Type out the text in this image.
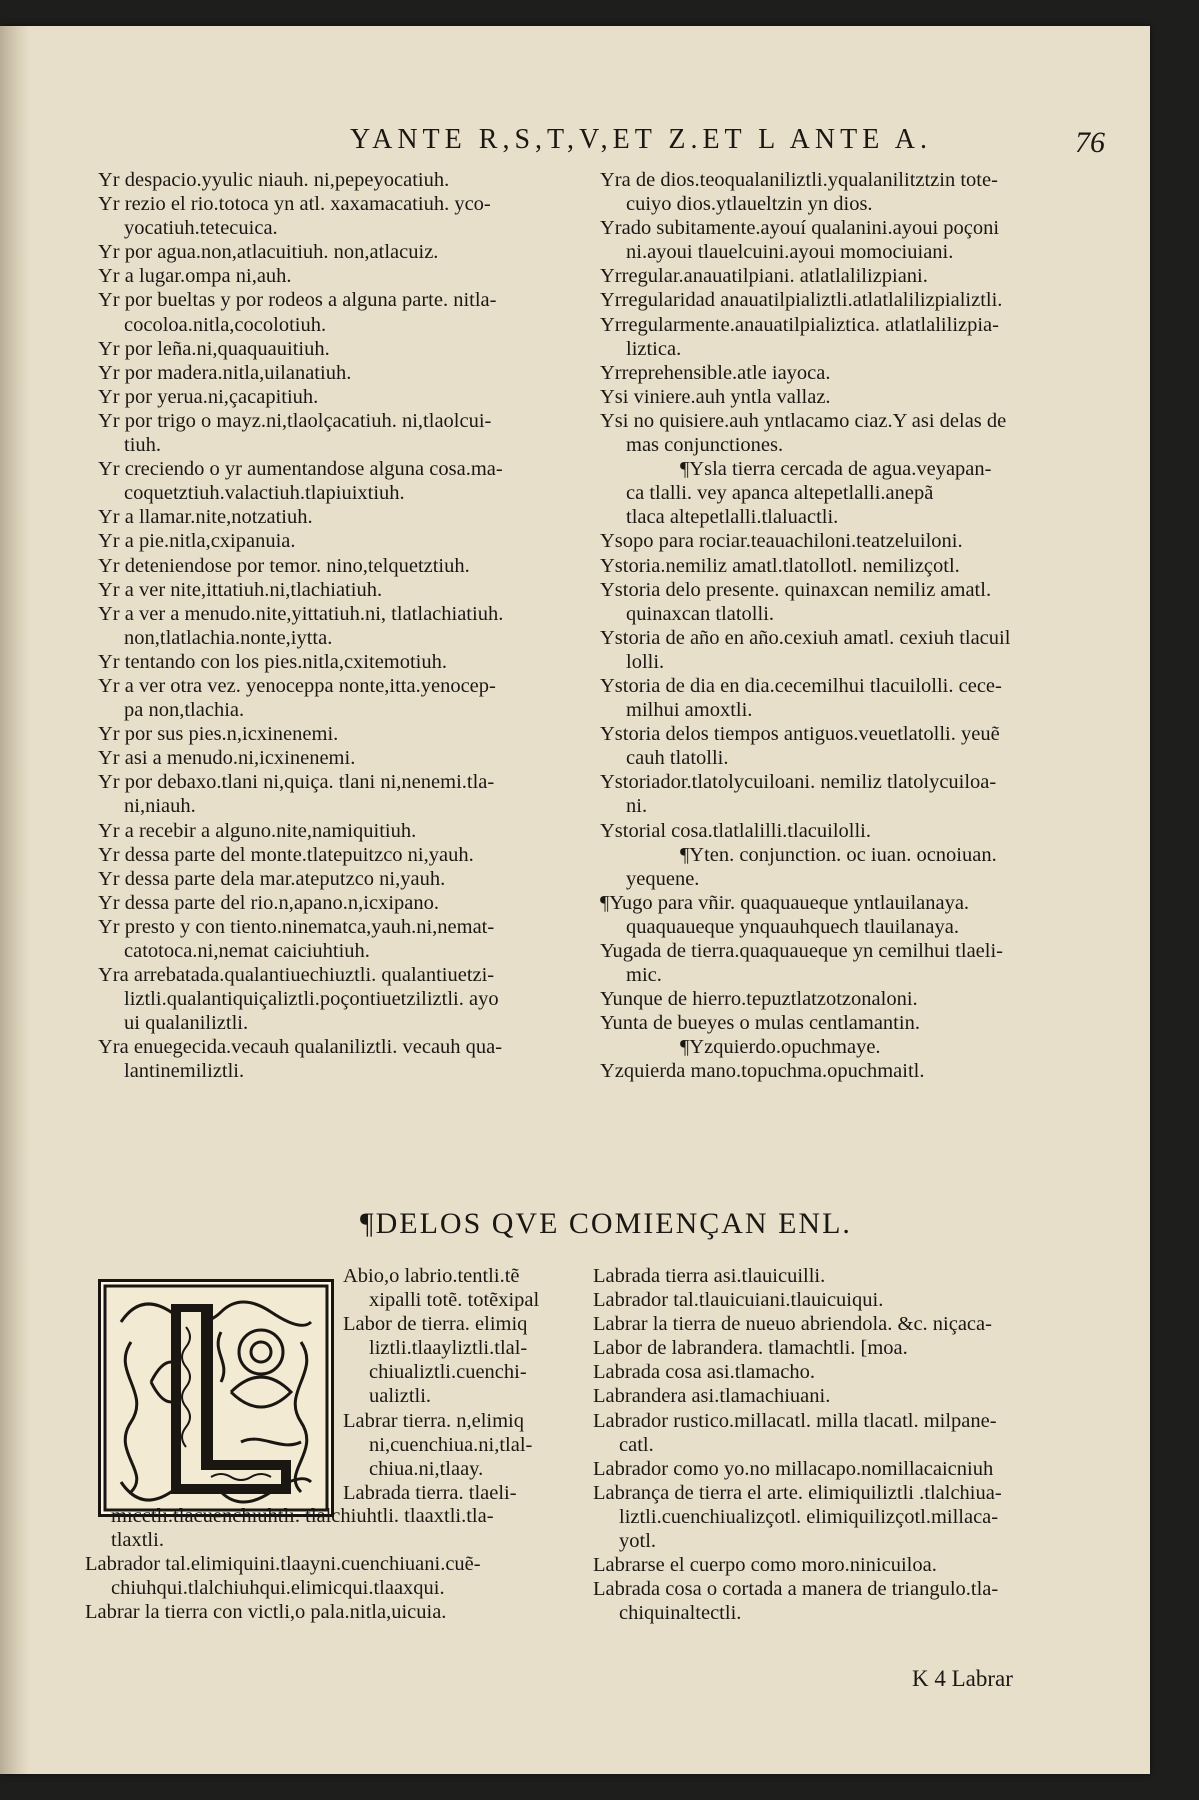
YANTE R,S,T,V,ET Z.ET L ANTE A.	76
Yr despacio.yyulic niauh. ni,pepeyocatiuh.
Yr rezio el rio.totoca yn atl. xaxamacatiuh. yco-
yocatiuh.tetecuica.
Yr por agua.non,atlacuitiuh. non,atlacuiz.
Yr a lugar.ompa ni,auh.
Yr por bueltas y por rodeos a alguna parte. nitla-
cocoloa.nitla,cocolotiuh.
Yr por leña.ni,quaquauitiuh.
Yr por madera.nitla,uilanatiuh.
Yr por yerua.ni,çacapitiuh.
Yr por trigo o mayz.ni,tlaolçacatiuh. ni,tlaolcui-
tiuh.
Yr creciendo o yr aumentandose alguna cosa.ma-
coquetztiuh.valactiuh.tlapiuixtiuh.
Yr a llamar.nite,notzatiuh.
Yr a pie.nitla,cxipanuia.
Yr deteniendose por temor. nino,telquetztiuh.
Yr a ver nite,ittatiuh.ni,tlachiatiuh.
Yr a ver a menudo.nite,yittatiuh.ni, tlatlachiatiuh.
non,tlatlachia.nonte,iytta.
Yr tentando con los pies.nitla,cxitemotiuh.
Yr a ver otra vez. yenoceppa nonte,itta.yenocep-
pa non,tlachia.
Yr por sus pies.n,icxinenemi.
Yr asi a menudo.ni,icxinenemi.
Yr por debaxo.tlani ni,quiça. tlani ni,nenemi.tla-
ni,niauh.
Yr a recebir a alguno.nite,namiquitiuh.
Yr dessa parte del monte.tlatepuitzco ni,yauh.
Yr dessa parte dela mar.ateputzco ni,yauh.
Yr dessa parte del rio.n,apano.n,icxipano.
Yr presto y con tiento.ninematca,yauh.ni,nemat-
catotoca.ni,nemat caiciuhtiuh.
Yra arrebatada.qualantiuechiuztli. qualantiuetzi-
liztli.qualantiquiçaliztli.poçontiuetziliztli. ayo
ui qualaniliztli.
Yra enuegecida.vecauh qualaniliztli. vecauh qua-
lantinemiliztli.
Yra de dios.teoqualaniliztli.yqualanilitztzin tote-
cuiyo dios.ytlaueltzin yn dios.
Yrado subitamente.ayouí qualanini.ayoui poçoni
ni.ayoui tlauelcuini.ayoui momociuiani.
Yrregular.anauatilpiani. atlatlalilizpiani.
Yrregularidad anauatilpializtli.atlatlalilizpializtli.
Yrregularmente.anauatilpializtica. atlatlalilizpia-
liztica.
Yrreprehensible.atle iayoca.
Ysi viniere.auh yntla vallaz.
Ysi no quisiere.auh yntlacamo ciaz.Y asi delas de
mas conjunctiones.
¶Ysla tierra cercada de agua.veyapan-
ca tlalli. vey apanca altepetlalli.anepã
tlaca altepetlalli.tlaluactli.
Ysopo para rociar.teauachiloni.teatzeluiloni.
Ystoria.nemiliz amatl.tlatollotl. nemilizçotl.
Ystoria delo presente. quinaxcan nemiliz amatl.
quinaxcan tlatolli.
Ystoria de año en año.cexiuh amatl. cexiuh tlacuil
lolli.
Ystoria de dia en dia.cecemilhui tlacuilolli. cece-
milhui amoxtli.
Ystoria delos tiempos antiguos.veuetlatolli. yeuẽ
cauh tlatolli.
Ystoriador.tlatolycuiloani. nemiliz tlatolycuiloa-
ni.
Ystorial cosa.tlatlalilli.tlacuilolli.
¶Yten. conjunction. oc iuan. ocnoiuan.
yequene.
¶Yugo para vñir. quaquaueque yntlauilanaya.
quaquaueque ynquauhquech tlauilanaya.
Yugada de tierra.quaquaueque yn cemilhui tlaeli-
mic.
Yunque de hierro.tepuztlatzotzonaloni.
Yunta de bueyes o mulas centlamantin.
¶Yzquierdo.opuchmaye.
Yzquierda mano.topuchma.opuchmaitl.
¶DELOS QVE COMIENÇAN ENL.
Abio,o labrio.tentli.tẽ
xipalli totẽ. totẽxipal
Labor de tierra. elimiq
liztli.tlaayliztli.tlal-
chiualiztli.cuenchi-
ualiztli.
Labrar tierra. n,elimiq
ni,cuenchiua.ni,tlal-
chiua.ni,tlaay.
Labrada tierra. tlaeli-
micctli.tlacuenchiuhtli. tlalchiuhtli. tlaaxtli.tla-
tlaxtli.
Labrador tal.elimiquini.tlaayni.cuenchiuani.cuẽ-
chiuhqui.tlalchiuhqui.elimicqui.tlaaxqui.
Labrar la tierra con victli,o pala.nitla,uicuia.
Labrada tierra asi.tlauicuilli.
Labrador tal.tlauicuiani.tlauicuiqui.
Labrar la tierra de nueuo abriendola. &c. niçaca-
Labor de labrandera. tlamachtli. [moa.
Labrada cosa asi.tlamacho.
Labrandera asi.tlamachiuani.
Labrador rustico.millacatl. milla tlacatl. milpane-
catl.
Labrador como yo.no millacapo.nomillacaicniuh
Labrança de tierra el arte. elimiquiliztli .tlalchiua-
liztli.cuenchiualizçotl. elimiquilizçotl.millaca-
yotl.
Labrarse el cuerpo como moro.ninicuiloa.
Labrada cosa o cortada a manera de triangulo.tla-
chiquinaltectli.
K 4 Labrar
